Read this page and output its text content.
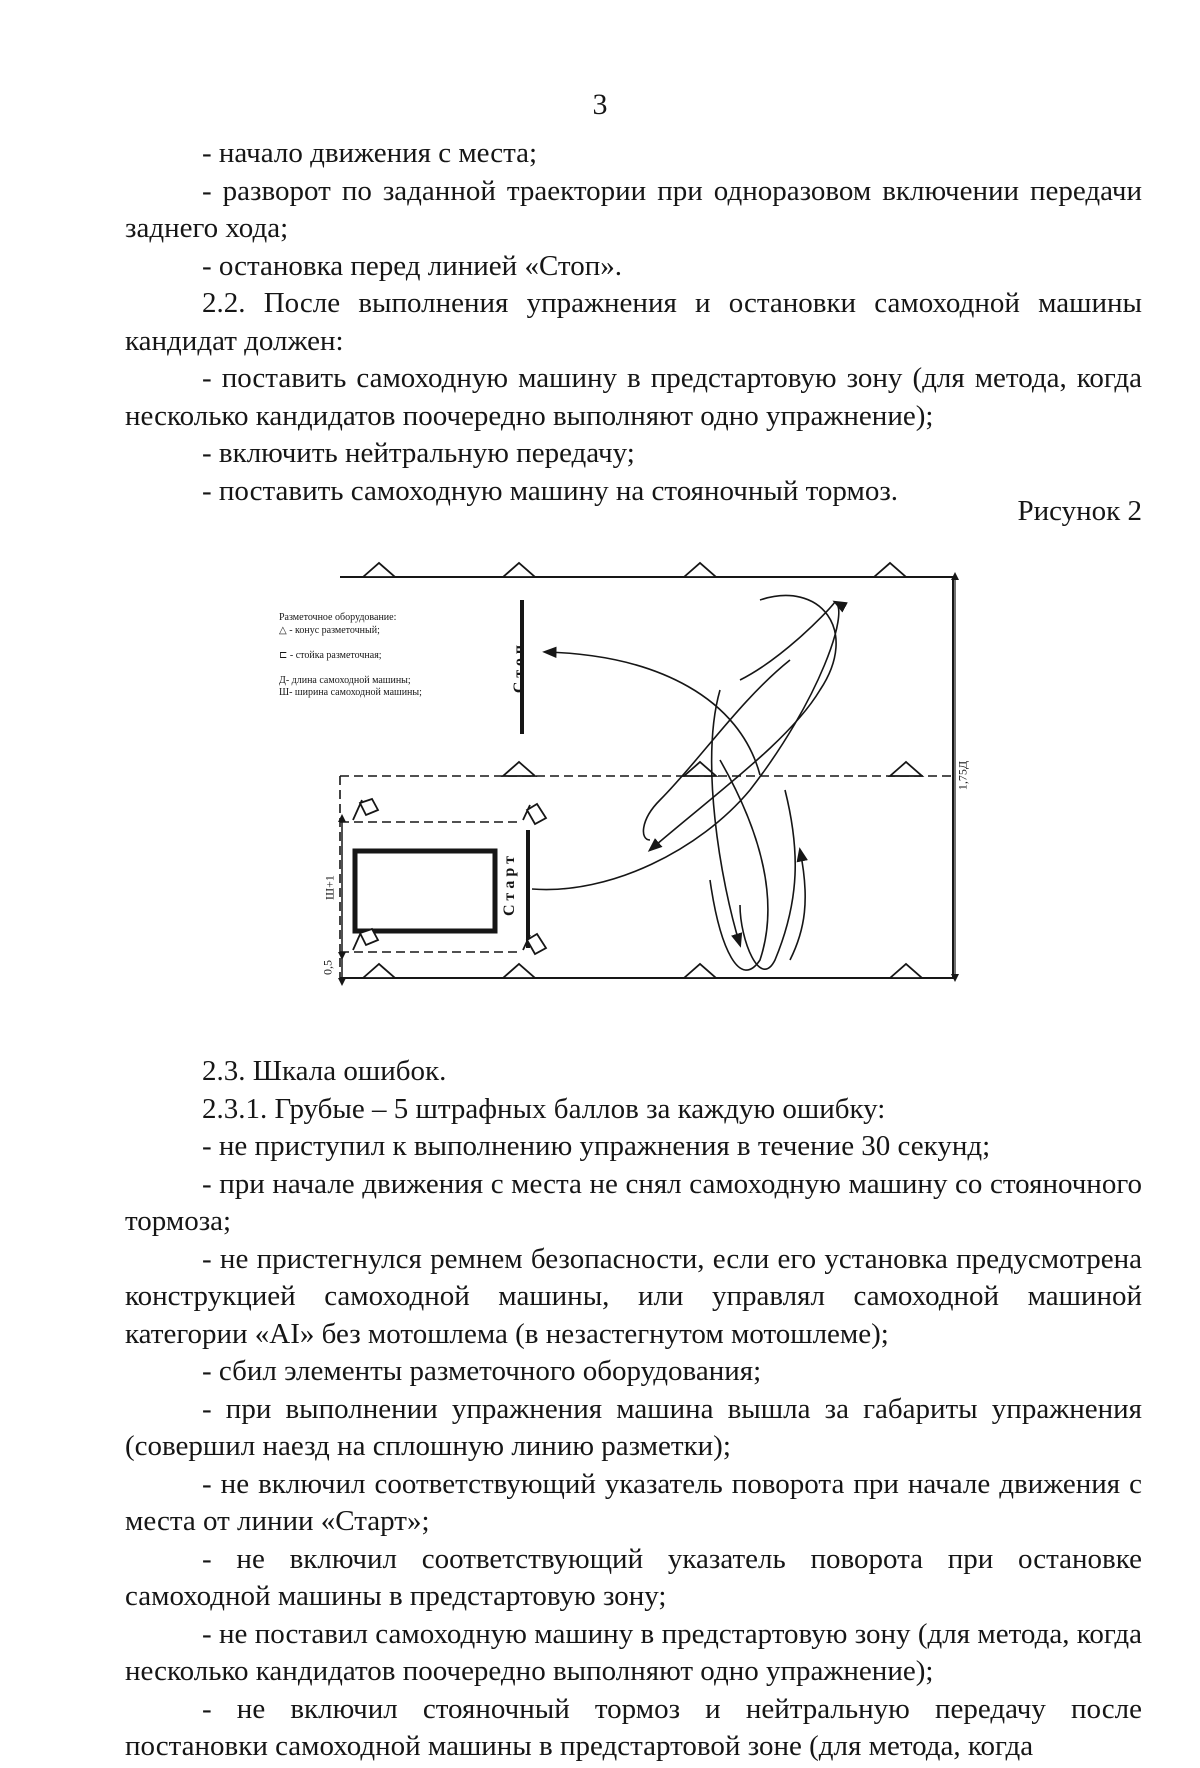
3

- начало движения с места;

- разворот по заданной траектории при одноразовом включении передачи заднего хода;

- остановка перед линией «Стоп».

2.2. После выполнения упражнения и остановки самоходной машины кандидат должен:

- поставить самоходную машину в предстартовую зону (для метода, когда несколько кандидатов поочередно выполняют одно упражнение);

- включить нейтральную передачу;

- поставить самоходную машину на стояночный тормоз.

Рисунок 2
Разметочное оборудование:
△ - конус разметочный;

⊏ - стойка разметочная;

Д- длина самоходной машины;
Ш- ширина самоходной машины;	Стоп
Старт
Ш+1
0,5
1,75Д

2.3. Шкала ошибок.

2.3.1. Грубые – 5 штрафных баллов за каждую ошибку:

- не приступил к выполнению упражнения в течение 30 секунд;

- при начале движения с места не снял самоходную машину со стояночного тормоза;

- не пристегнулся ремнем безопасности, если его установка предусмотрена конструкцией самоходной машины, или управлял самоходной машиной категории «AI» без мотошлема (в незастегнутом мотошлеме);

- сбил элементы разметочного оборудования;

- при выполнении упражнения машина вышла за габариты упражнения (совершил наезд на сплошную линию разметки);

- не включил соответствующий указатель поворота при начале движения с места от линии «Старт»;

- не включил соответствующий указатель поворота при остановке самоходной машины в предстартовую зону;

- не поставил самоходную машину в предстартовую зону (для метода, когда несколько кандидатов поочередно выполняют одно упражнение);

- не включил стояночный тормоз и нейтральную передачу после постановки самоходной машины в предстартовой зоне (для метода, когда
